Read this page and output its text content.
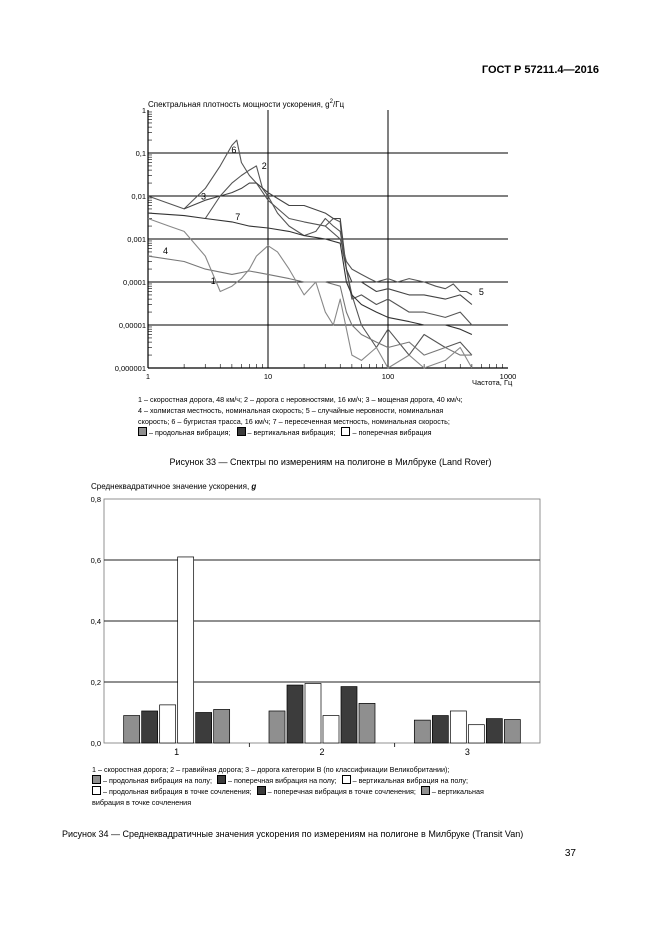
ГОСТ Р 57211.4—2016
Спектральная плотность мощности ускорения, $g^2/Гц$
1	10	100	1000
1
0,1
0,01
0,001
0,0001
0,00001
0,000001
6
2
3
7
4
1
5
Частота, Гц

1 – скоростная дорога, 48 км/ч; 2 – дорога с неровностями, 16 км/ч; 3 – мощеная дорога, 40 км/ч;

4 – холмистая местность, номинальная скорость; 5 – случайные неровности, номинальная

скорость; 6 – бугристая трасса, 16 км/ч; 7 – пересеченная местность, номинальная скорость;

– продольная вибрация; – вертикальная вибрация; – поперечная вибрация

Рисунок 33 — Спектры по измерениям на полигоне в Милбруке (Land Rover)
Среднеквадратичное значение ускорения, g
0,0
0,2
0,4
0,6
0,8
1	2	3

1 – скоростная дорога; 2 – гравийная дорога; 3 – дорога категории B (по классификации Великобритании);

– продольная вибрация на полу; – поперечная вибрация на полу; – вертикальная вибрация на полу;

– продольная вибрация в точке сочленения; – поперечная вибрация в точке сочленения; – вертикальная

вибрация в точке сочленения

Рисунок 34 — Среднеквадратичные значения ускорения по измерениям на полигоне в Милбруке (Transit Van)
37
